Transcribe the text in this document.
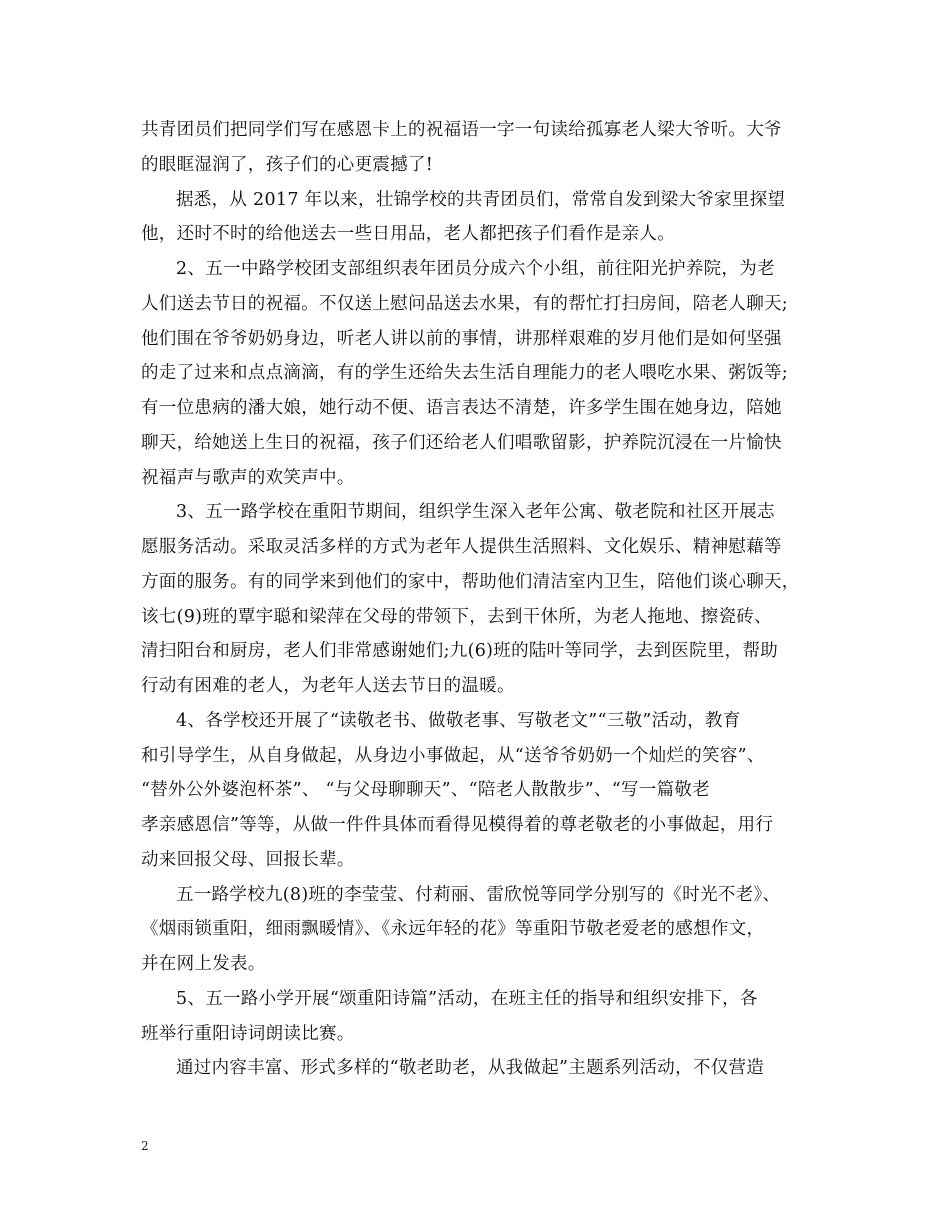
共青团员们把同学们写在感恩卡上的祝福语一字一句读给孤寡老人梁大爷听。大爷
的眼眶湿润了，孩子们的心更震撼了!
据悉，从 2017 年以来，壮锦学校的共青团员们，常常自发到梁大爷家里探望
他，还时不时的给他送去一些日用品，老人都把孩子们看作是亲人。
2、五一中路学校团支部组织表年团员分成六个小组，前往阳光护养院，为老
人们送去节日的祝福。不仅送上慰问品送去水果，有的帮忙打扫房间，陪老人聊天;
他们围在爷爷奶奶身边，听老人讲以前的事情，讲那样艰难的岁月他们是如何坚强
的走了过来和点点滴滴，有的学生还给失去生活自理能力的老人喂吃水果、粥饭等;
有一位患病的潘大娘，她行动不便、语言表达不清楚，许多学生围在她身边，陪她
聊天，给她送上生日的祝福，孩子们还给老人们唱歌留影，护养院沉浸在一片愉快
祝福声与歌声的欢笑声中。
3、五一路学校在重阳节期间，组织学生深入老年公寓、敬老院和社区开展志
愿服务活动。采取灵活多样的方式为老年人提供生活照料、文化娱乐、精神慰藉等
方面的服务。有的同学来到他们的家中，帮助他们清洁室内卫生，陪他们谈心聊天，
该七(9)班的覃宇聪和梁萍在父母的带领下，去到干休所，为老人拖地、擦瓷砖、
清扫阳台和厨房，老人们非常感谢她们;九(6)班的陆叶等同学，去到医院里，帮助
行动有困难的老人，为老年人送去节日的温暖。
4、各学校还开展了“读敬老书、做敬老事、写敬老文”“三敬”活动，教育
和引导学生，从自身做起，从身边小事做起，从“送爷爷奶奶一个灿烂的笑容”、
“替外公外婆泡杯茶”、 “与父母聊聊天”、“陪老人散散步”、“写一篇敬老
孝亲感恩信”等等，从做一件件具体而看得见模得着的尊老敬老的小事做起，用行
动来回报父母、回报长辈。
五一路学校九(8)班的李莹莹、付莉丽、雷欣悦等同学分别写的《时光不老》、
《烟雨锁重阳，细雨飘暖情》、《永远年轻的花》等重阳节敬老爱老的感想作文，
并在网上发表。
5、五一路小学开展“颂重阳诗篇”活动，在班主任的指导和组织安排下，各
班举行重阳诗词朗读比赛。
通过内容丰富、形式多样的“敬老助老，从我做起”主题系列活动，不仅营造
2
